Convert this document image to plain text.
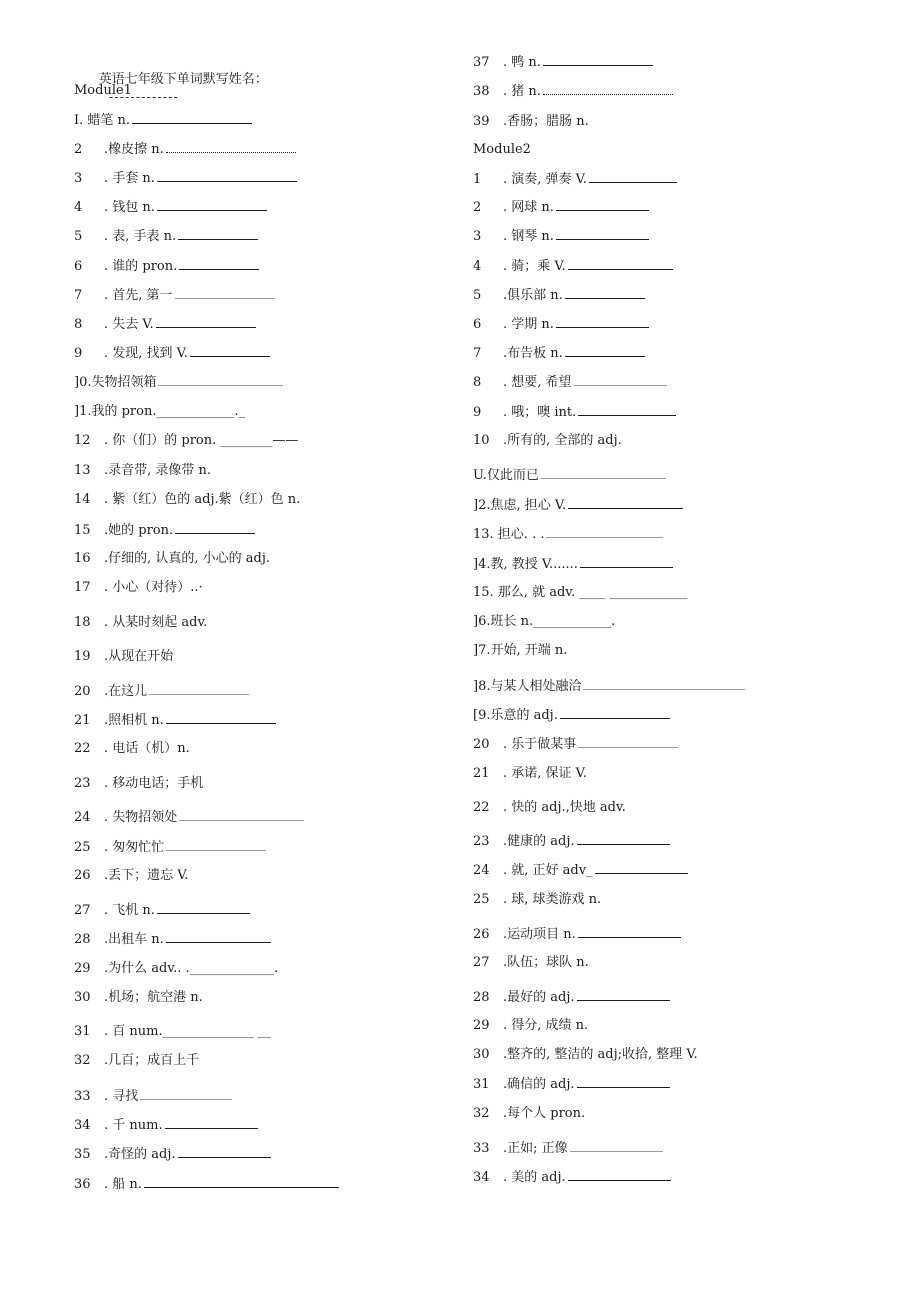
英语七年级下单词默写姓名：
-------------

Module1
I. 蜡笔 n.
2 .橡皮擦 n.
3 . 手套 n.
4 . 钱包 n.
5 . 表, 手表 n.
6 . 谁的 pron.
7 . 首先, 第一
8 . 失去 V.
9 . 发现, 找到 V.
]0.失物招领箱
]1.我的 pron.____________._
12 . 你（们）的 pron. ________——
13 .录音带, 录像带 n.
14 . 紫（红）色的 adj.紫（红）色 n.
15 .她的 pron.
16 .仔细的, 认真的, 小心的 adj.
17 . 小心（对待）..·
18 . 从某时刻起 adv.
19 .从现在开始
20 .在这儿
21 .照相机 n.
22 . 电话（机）n.
23 . 移动电话；手机
24 . 失物招领处
25 . 匆匆忙忙
26 .丢下；遗忘 V.
27 . 飞机 n.
28 .出租车 n.
29 .为什么 adv.. ._____________.
30 .机场；航空港 n.
31 . 百 num.______________ __
32 .几百；成百上千
33 . 寻找
34 . 千 num.
35 .奇怪的 adj.
36 . 船 n.
37 . 鸭 n.
38 . 猪 n.
39 .香肠；腊肠 n.
Module2
1 . 演奏, 弹奏 V.
2 . 网球 n.
3 . 钢琴 n.
4 . 骑；乘 V.
5 .俱乐部 n.
6 . 学期 n.
7 .布告板 n.
8 . 想要, 希望
9 . 哦；噢 int.
10 .所有的, 全部的 adj.
U.仅此而已
]2.焦虑, 担心 V.
13. 担心. . .
]4.教, 教授 V.......
15. 那么, 就 adv. ____ ____________
]6.班长 n.____________.
]7.开始, 开端 n.
]8.与某人相处融洽
[9.乐意的 adj.
20 . 乐于做某事
21 . 承诺, 保证 V.
22 . 快的 adj.,快地 adv.
23 .健康的 adj.
24 . 就, 正好 adv_
25 . 球, 球类游戏 n.
26 .运动项目 n.
27 .队伍；球队 n.
28 .最好的 adj.
29 . 得分, 成绩 n.
30 .整齐的, 整洁的 adj;收拾, 整理 V.
31 .确信的 adj.
32 .每个人 pron.
33 .正如; 正像
34 . 美的 adj.
